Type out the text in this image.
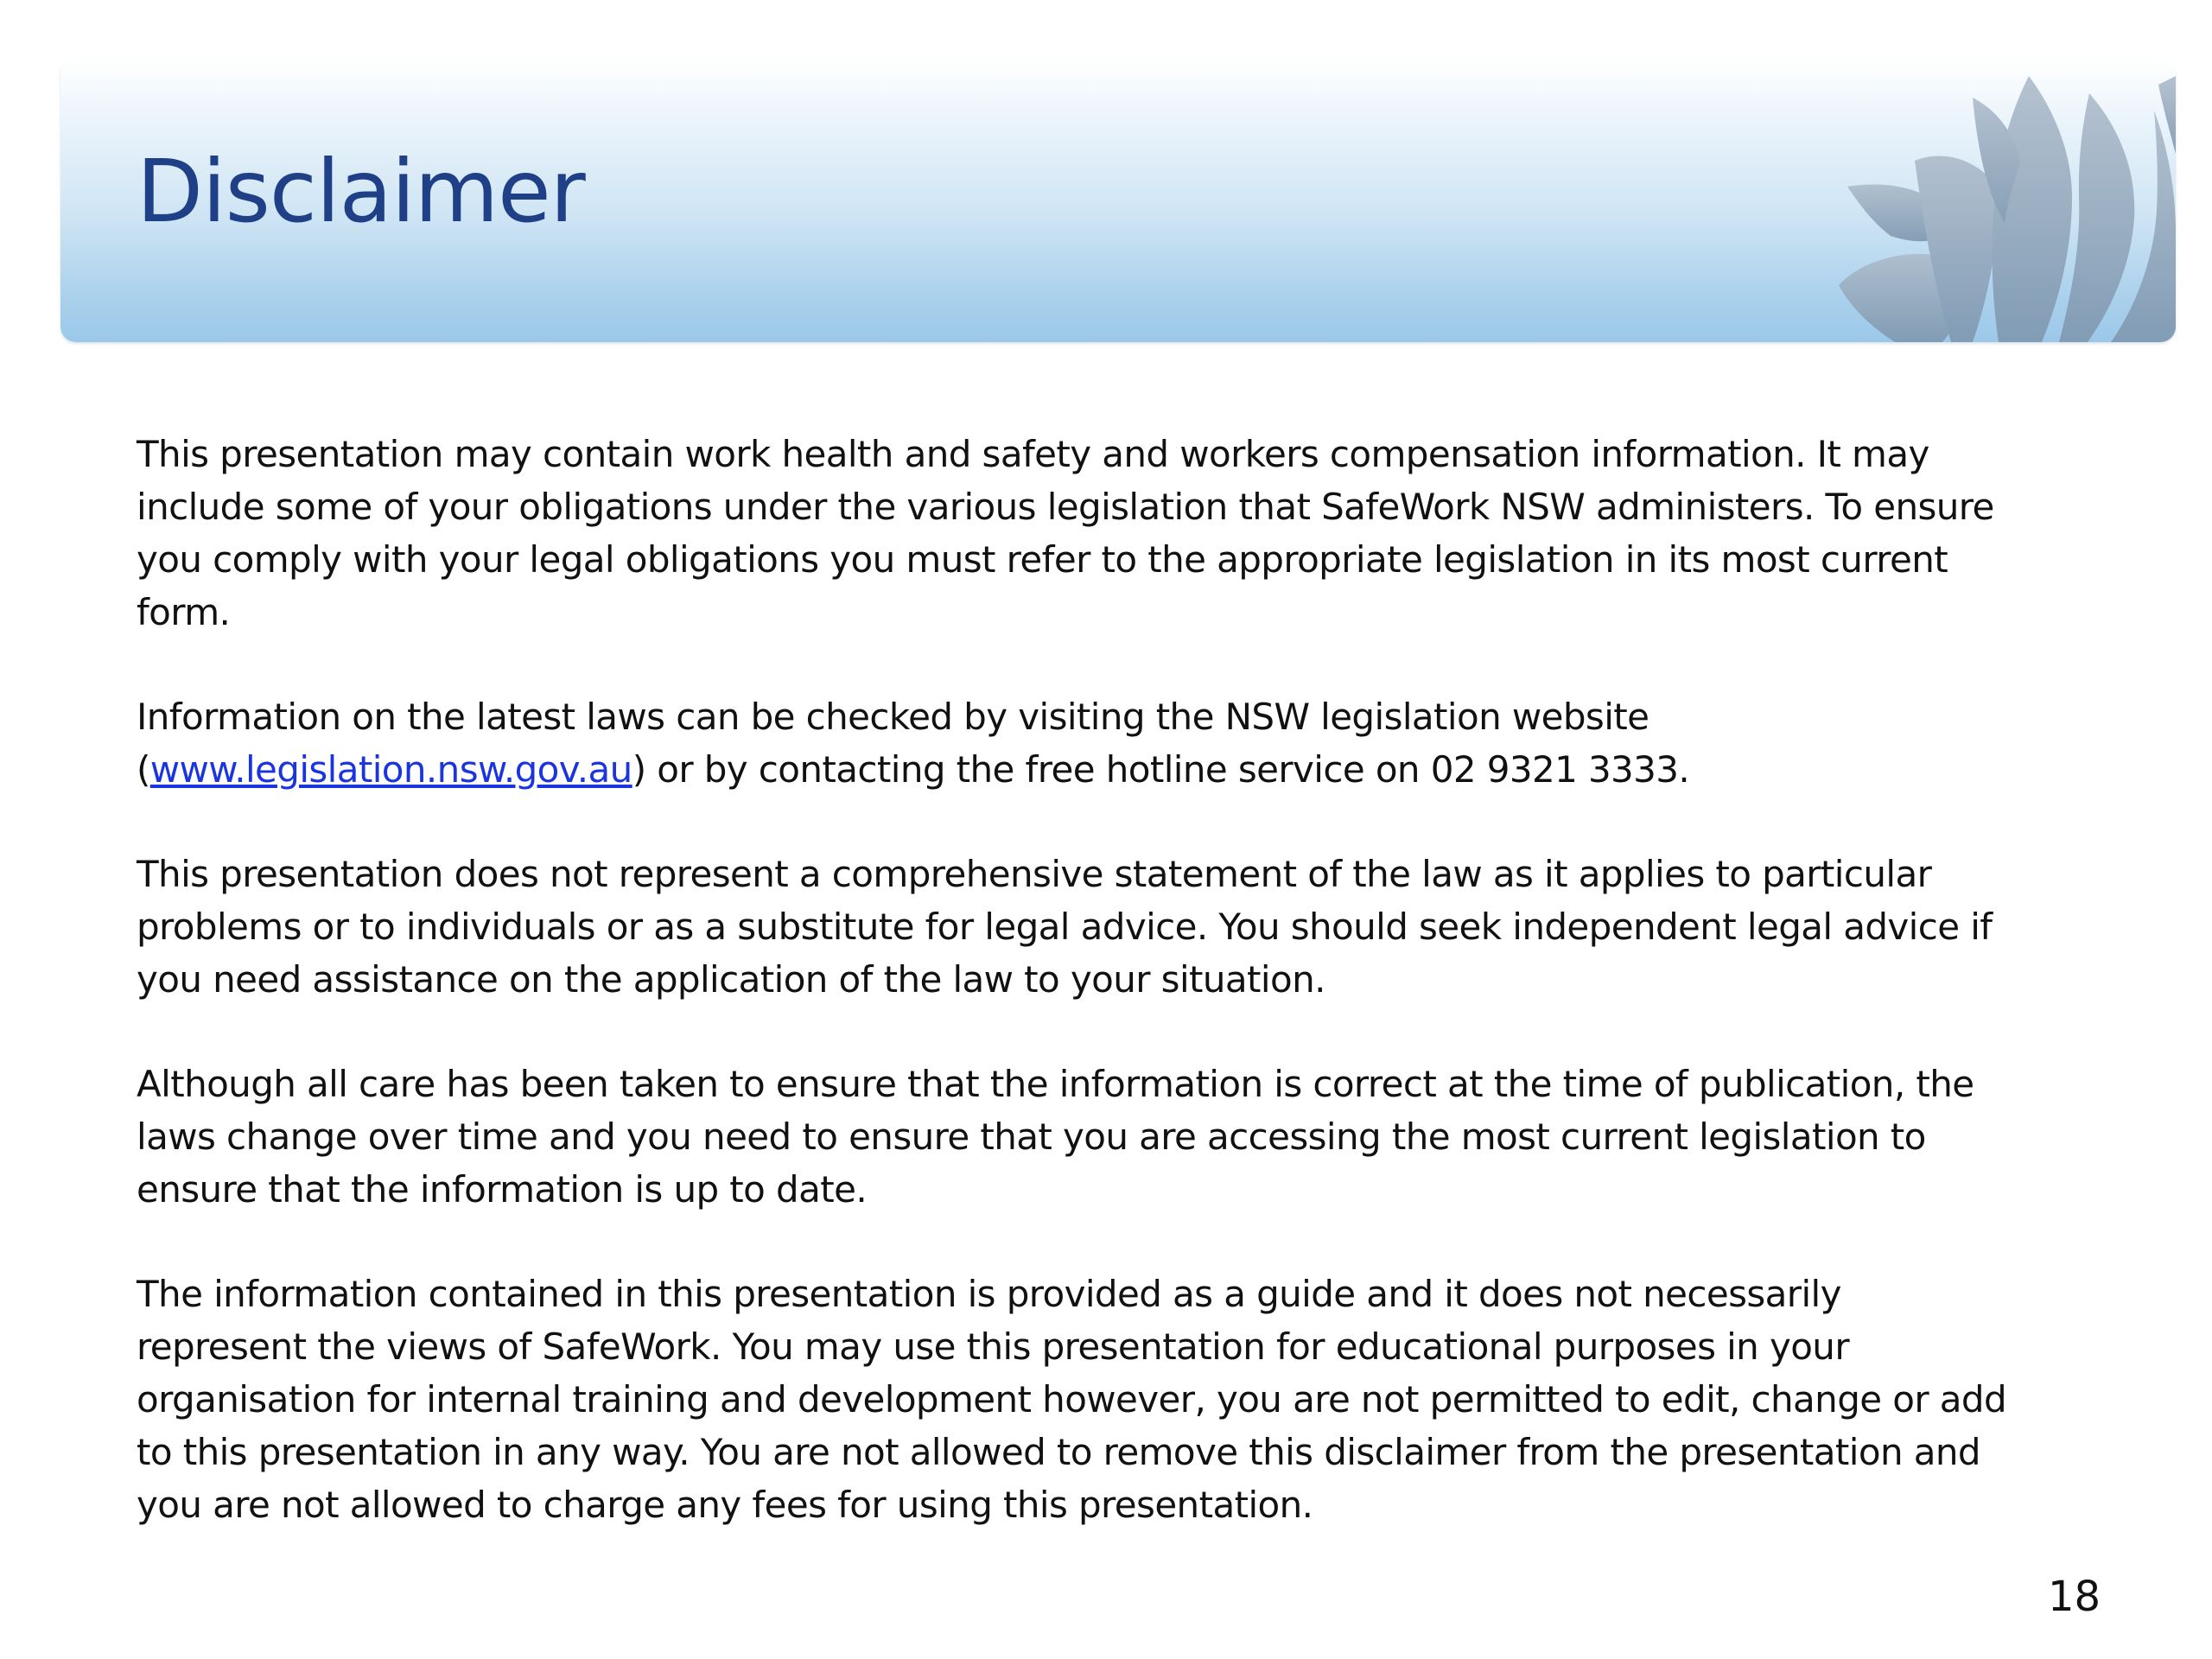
Disclaimer

This presentation may contain work health and safety and workers compensation information. It may include some of your obligations under the various legislation that SafeWork NSW administers. To ensure you comply with your legal obligations you must refer to the appropriate legislation in its most current form.

Information on the latest laws can be checked by visiting the NSW legislation website (www.legislation.nsw.gov.au) or by contacting the free hotline service on 02 9321 3333.

This presentation does not represent a comprehensive statement of the law as it applies to particular problems or to individuals or as a substitute for legal advice. You should seek independent legal advice if you need assistance on the application of the law to your situation.

Although all care has been taken to ensure that the information is correct at the time of publication, the laws change over time and you need to ensure that you are accessing the most current legislation to ensure that the information is up to date.

The information contained in this presentation is provided as a guide and it does not necessarily represent the views of SafeWork. You may use this presentation for educational purposes in your organisation for internal training and development however, you are not permitted to edit, change or add to this presentation in any way. You are not allowed to remove this disclaimer from the presentation and you are not allowed to charge any fees for using this presentation.

18
